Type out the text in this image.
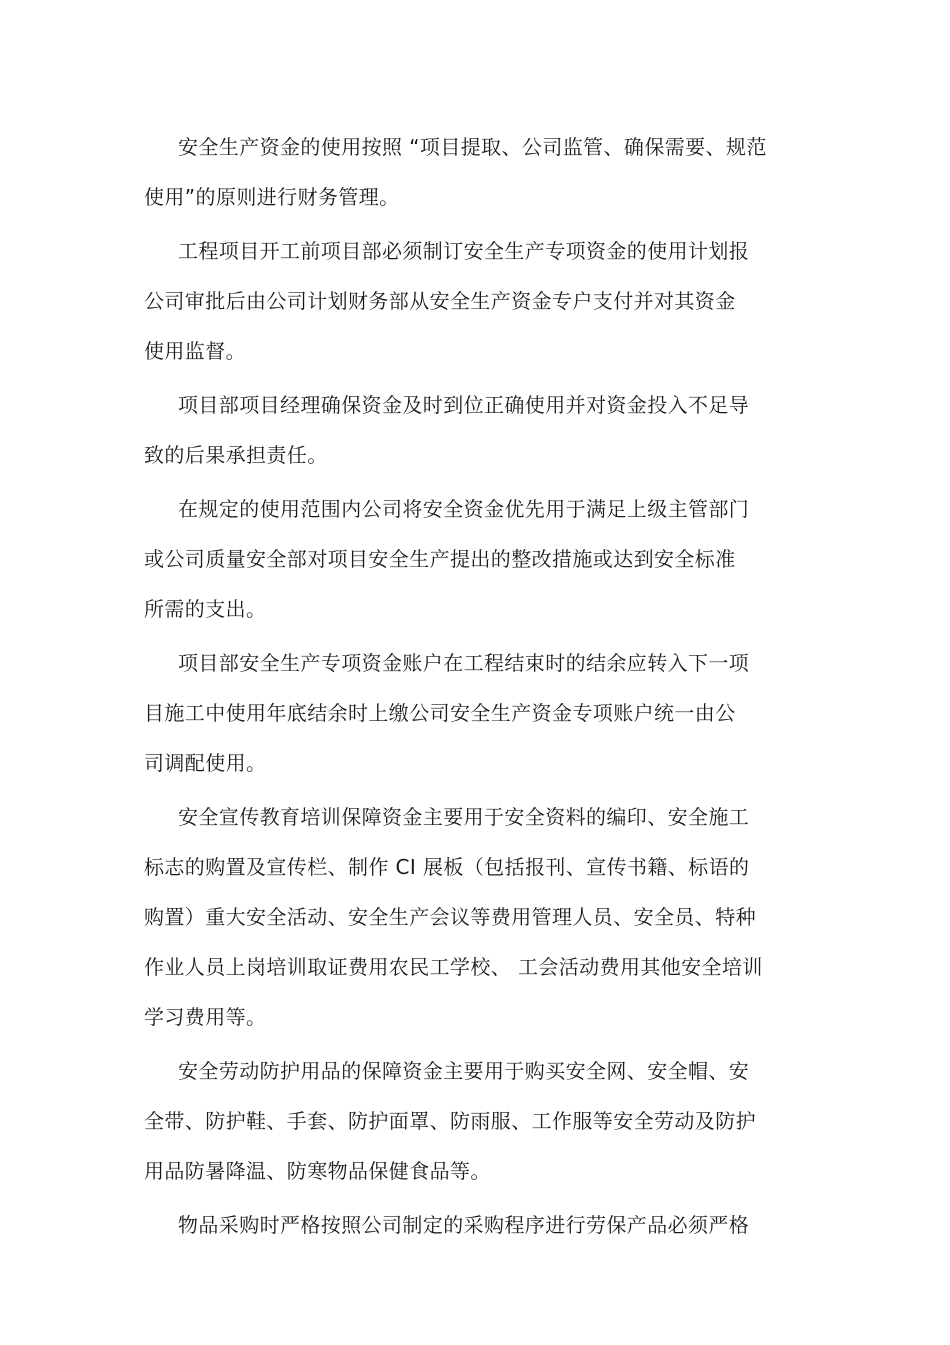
安全生产资金的使用按照 “项目提取、公司监管、确保需要、规范
使用”的原则进行财务管理。
工程项目开工前项目部必须制订安全生产专项资金的使用计划报
公司审批后由公司计划财务部从安全生产资金专户支付并对其资金
使用监督。
项目部项目经理确保资金及时到位正确使用并对资金投入不足导
致的后果承担责任。
在规定的使用范围内公司将安全资金优先用于满足上级主管部门
或公司质量安全部对项目安全生产提出的整改措施或达到安全标准
所需的支出。
项目部安全生产专项资金账户在工程结束时的结余应转入下一项
目施工中使用年底结余时上缴公司安全生产资金专项账户统一由公
司调配使用。
安全宣传教育培训保障资金主要用于安全资料的编印、安全施工
标志的购置及宣传栏、制作 CI 展板（包括报刊、宣传书籍、标语的
购置）重大安全活动、安全生产会议等费用管理人员、安全员、特种
作业人员上岗培训取证费用农民工学校、 工会活动费用其他安全培训
学习费用等。
安全劳动防护用品的保障资金主要用于购买安全网、安全帽、安
全带、防护鞋、手套、防护面罩、防雨服、工作服等安全劳动及防护
用品防暑降温、防寒物品保健食品等。
物品采购时严格按照公司制定的采购程序进行劳保产品必须严格
